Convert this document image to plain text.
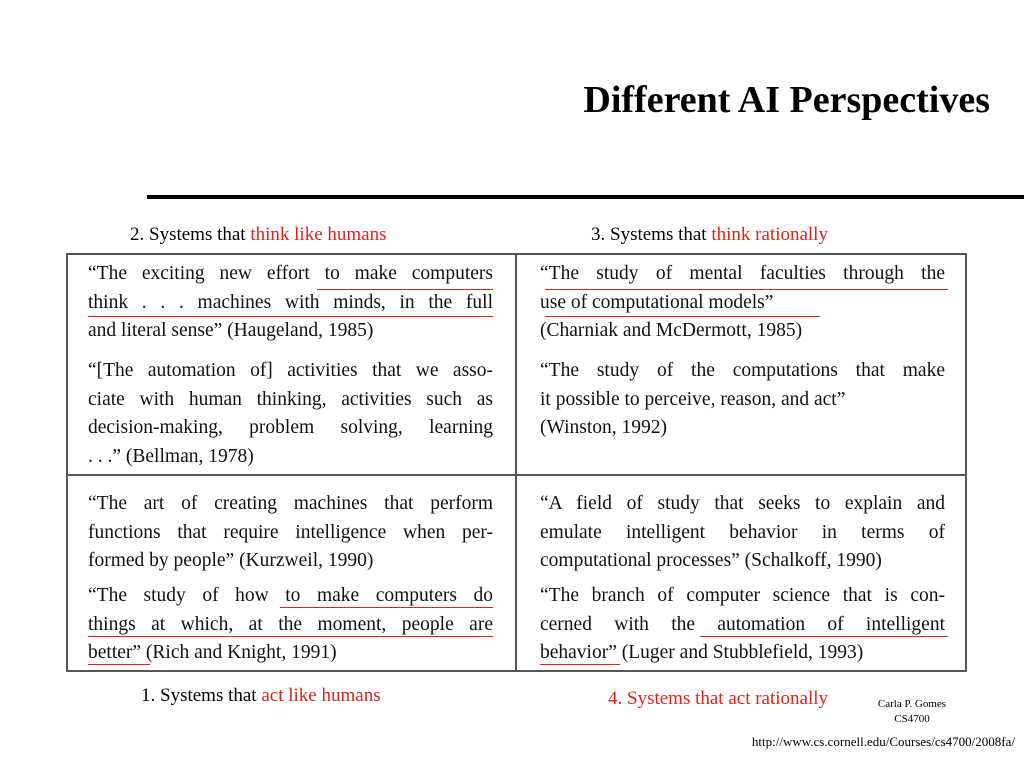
Different AI Perspectives
2. Systems that think like humans	3. Systems that think rationally
1. Systems that act like humans	4. Systems that act rationally
“The exciting new effort to make computers
think . . . machines with minds, in the full
and literal sense” (Haugeland, 1985)
“[The automation of] activities that we asso-
ciate with human thinking, activities such as
decision-making, problem solving, learning
. . .” (Bellman, 1978)
“The study of mental faculties through the
use of computational models”
(Charniak and McDermott, 1985)
“The study of the computations that make
it possible to perceive, reason, and act”
(Winston, 1992)
“The art of creating machines that perform
functions that require intelligence when per-
formed by people” (Kurzweil, 1990)
“The study of how to make computers do
things at which, at the moment, people are
better” (Rich and Knight, 1991)
“A field of study that seeks to explain and
emulate intelligent behavior in terms of
computational processes” (Schalkoff, 1990)
“The branch of computer science that is con-
cerned with the automation of intelligent
behavior” (Luger and Stubblefield, 1993)
Carla P. Gomes
CS4700
http://www.cs.cornell.edu/Courses/cs4700/2008fa/
